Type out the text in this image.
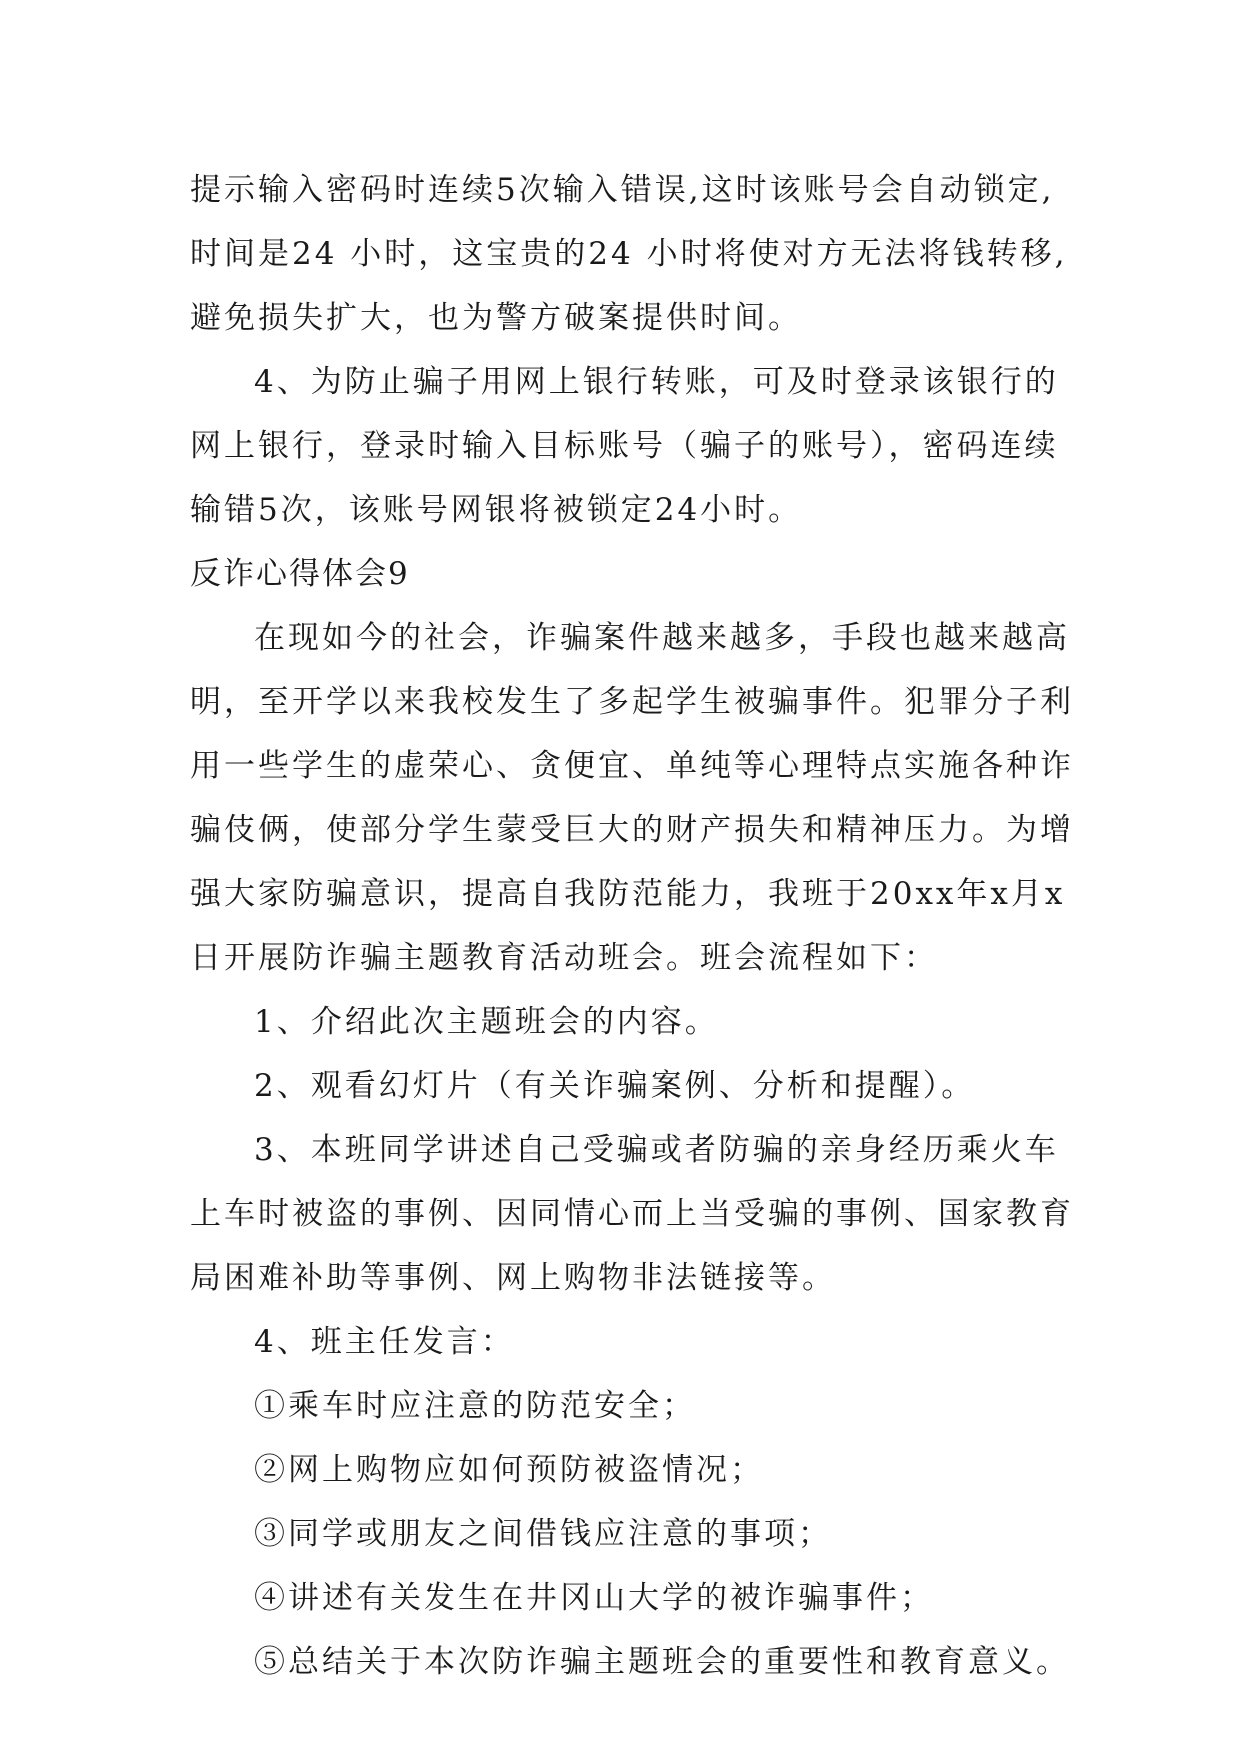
提示输入密码时连续5次输入错误,这时该账号会自动锁定,
时间是24 小时，这宝贵的24 小时将使对方无法将钱转移,
避免损失扩大，也为警方破案提供时间。
4、为防止骗子用网上银行转账，可及时登录该银行的
网上银行，登录时输入目标账号（骗子的账号），密码连续
输错5次，该账号网银将被锁定24小时。
反诈心得体会9
在现如今的社会，诈骗案件越来越多，手段也越来越高
明，至开学以来我校发生了多起学生被骗事件。犯罪分子利
用一些学生的虚荣心、贪便宜、单纯等心理特点实施各种诈
骗伎俩，使部分学生蒙受巨大的财产损失和精神压力。为增
强大家防骗意识，提高自我防范能力，我班于20xx年x月x
日开展防诈骗主题教育活动班会。班会流程如下：
1、介绍此次主题班会的内容。
2、观看幻灯片（有关诈骗案例、分析和提醒）。
3、本班同学讲述自己受骗或者防骗的亲身经历乘火车
上车时被盗的事例、因同情心而上当受骗的事例、国家教育
局困难补助等事例、网上购物非法链接等。
4、班主任发言：
①乘车时应注意的防范安全；
②网上购物应如何预防被盗情况；
③同学或朋友之间借钱应注意的事项；
④讲述有关发生在井冈山大学的被诈骗事件；
⑤总结关于本次防诈骗主题班会的重要性和教育意义。
